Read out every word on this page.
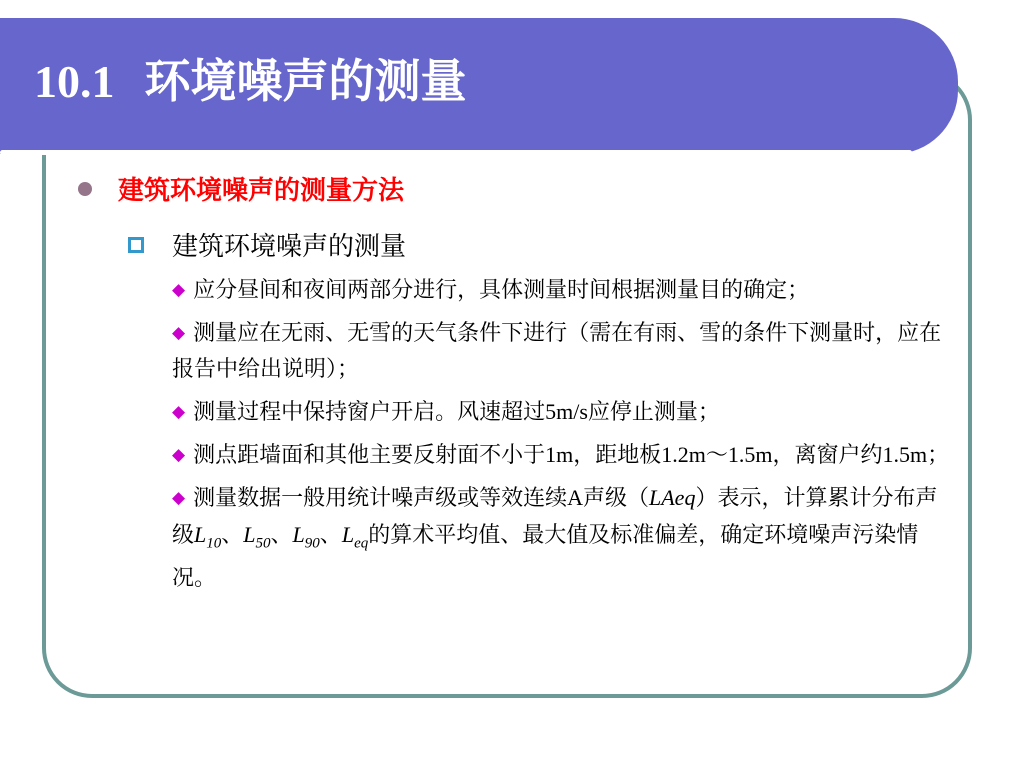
10.1 环境噪声的测量
建筑环境噪声的测量方法
建筑环境噪声的测量
◆ 应分昼间和夜间两部分进行，具体测量时间根据测量目的确定；
◆ 测量应在无雨、无雪的天气条件下进行（需在有雨、雪的条件下测量时，应在报告中给出说明）；
◆ 测量过程中保持窗户开启。风速超过5m/s应停止测量；
◆ 测点距墙面和其他主要反射面不小于1m，距地板1.2m～1.5m，离窗户约1.5m；
◆ 测量数据一般用统计噪声级或等效连续A声级（LAeq）表示，计算累计分布声级$L_{10}$、$L_{50}$、$L_{90}$、$L_{eq}$的算术平均值、最大值及标准偏差，确定环境噪声污染情况。
